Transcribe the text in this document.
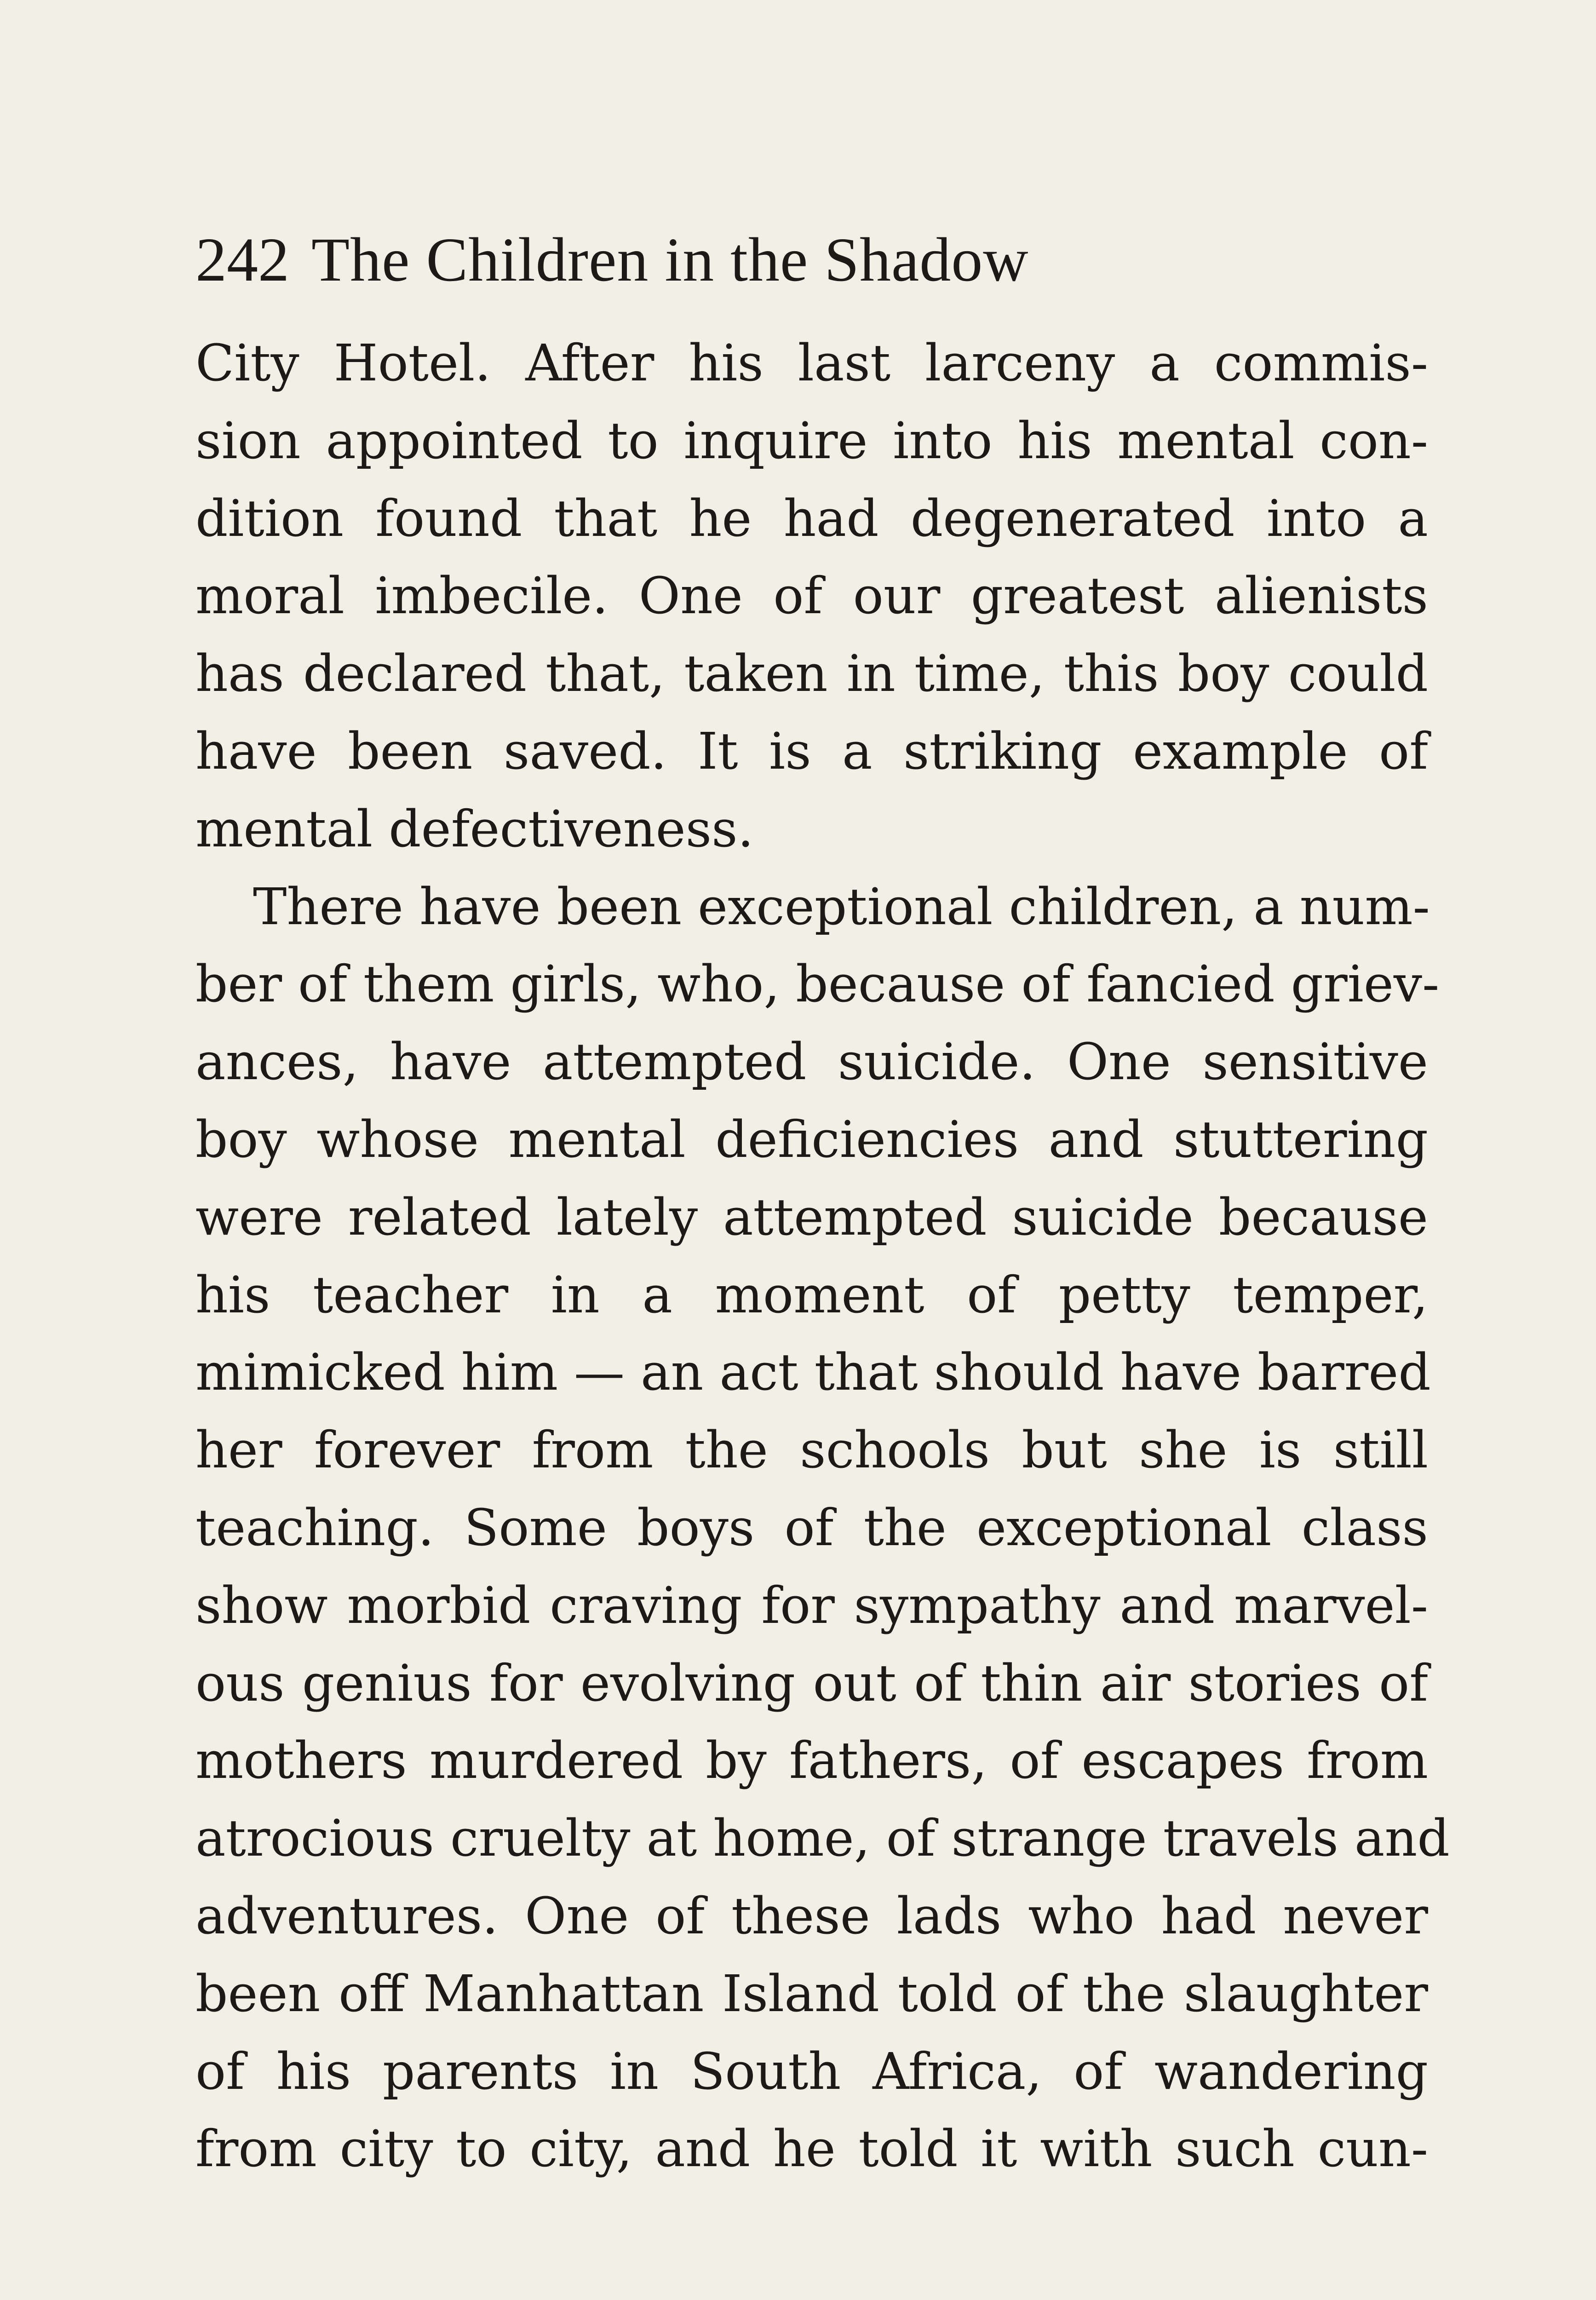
242 The Children in the Shadow
City Hotel. After his last larceny a commis-
sion appointed to inquire into his mental con-
dition found that he had degenerated into a
moral imbecile. One of our greatest alienists
has declared that, taken in time, this boy could
have been saved. It is a striking example of
mental defectiveness.
There have been exceptional children, a num-
ber of them girls, who, because of fancied griev-
ances, have attempted suicide. One sensitive
boy whose mental deficiencies and stuttering
were related lately attempted suicide because
his teacher in a moment of petty temper,
mimicked him — an act that should have barred
her forever from the schools but she is still
teaching. Some boys of the exceptional class
show morbid craving for sympathy and marvel-
ous genius for evolving out of thin air stories of
mothers murdered by fathers, of escapes from
atrocious cruelty at home, of strange travels and
adventures. One of these lads who had never
been off Manhattan Island told of the slaughter
of his parents in South Africa, of wandering
from city to city, and he told it with such cun-
